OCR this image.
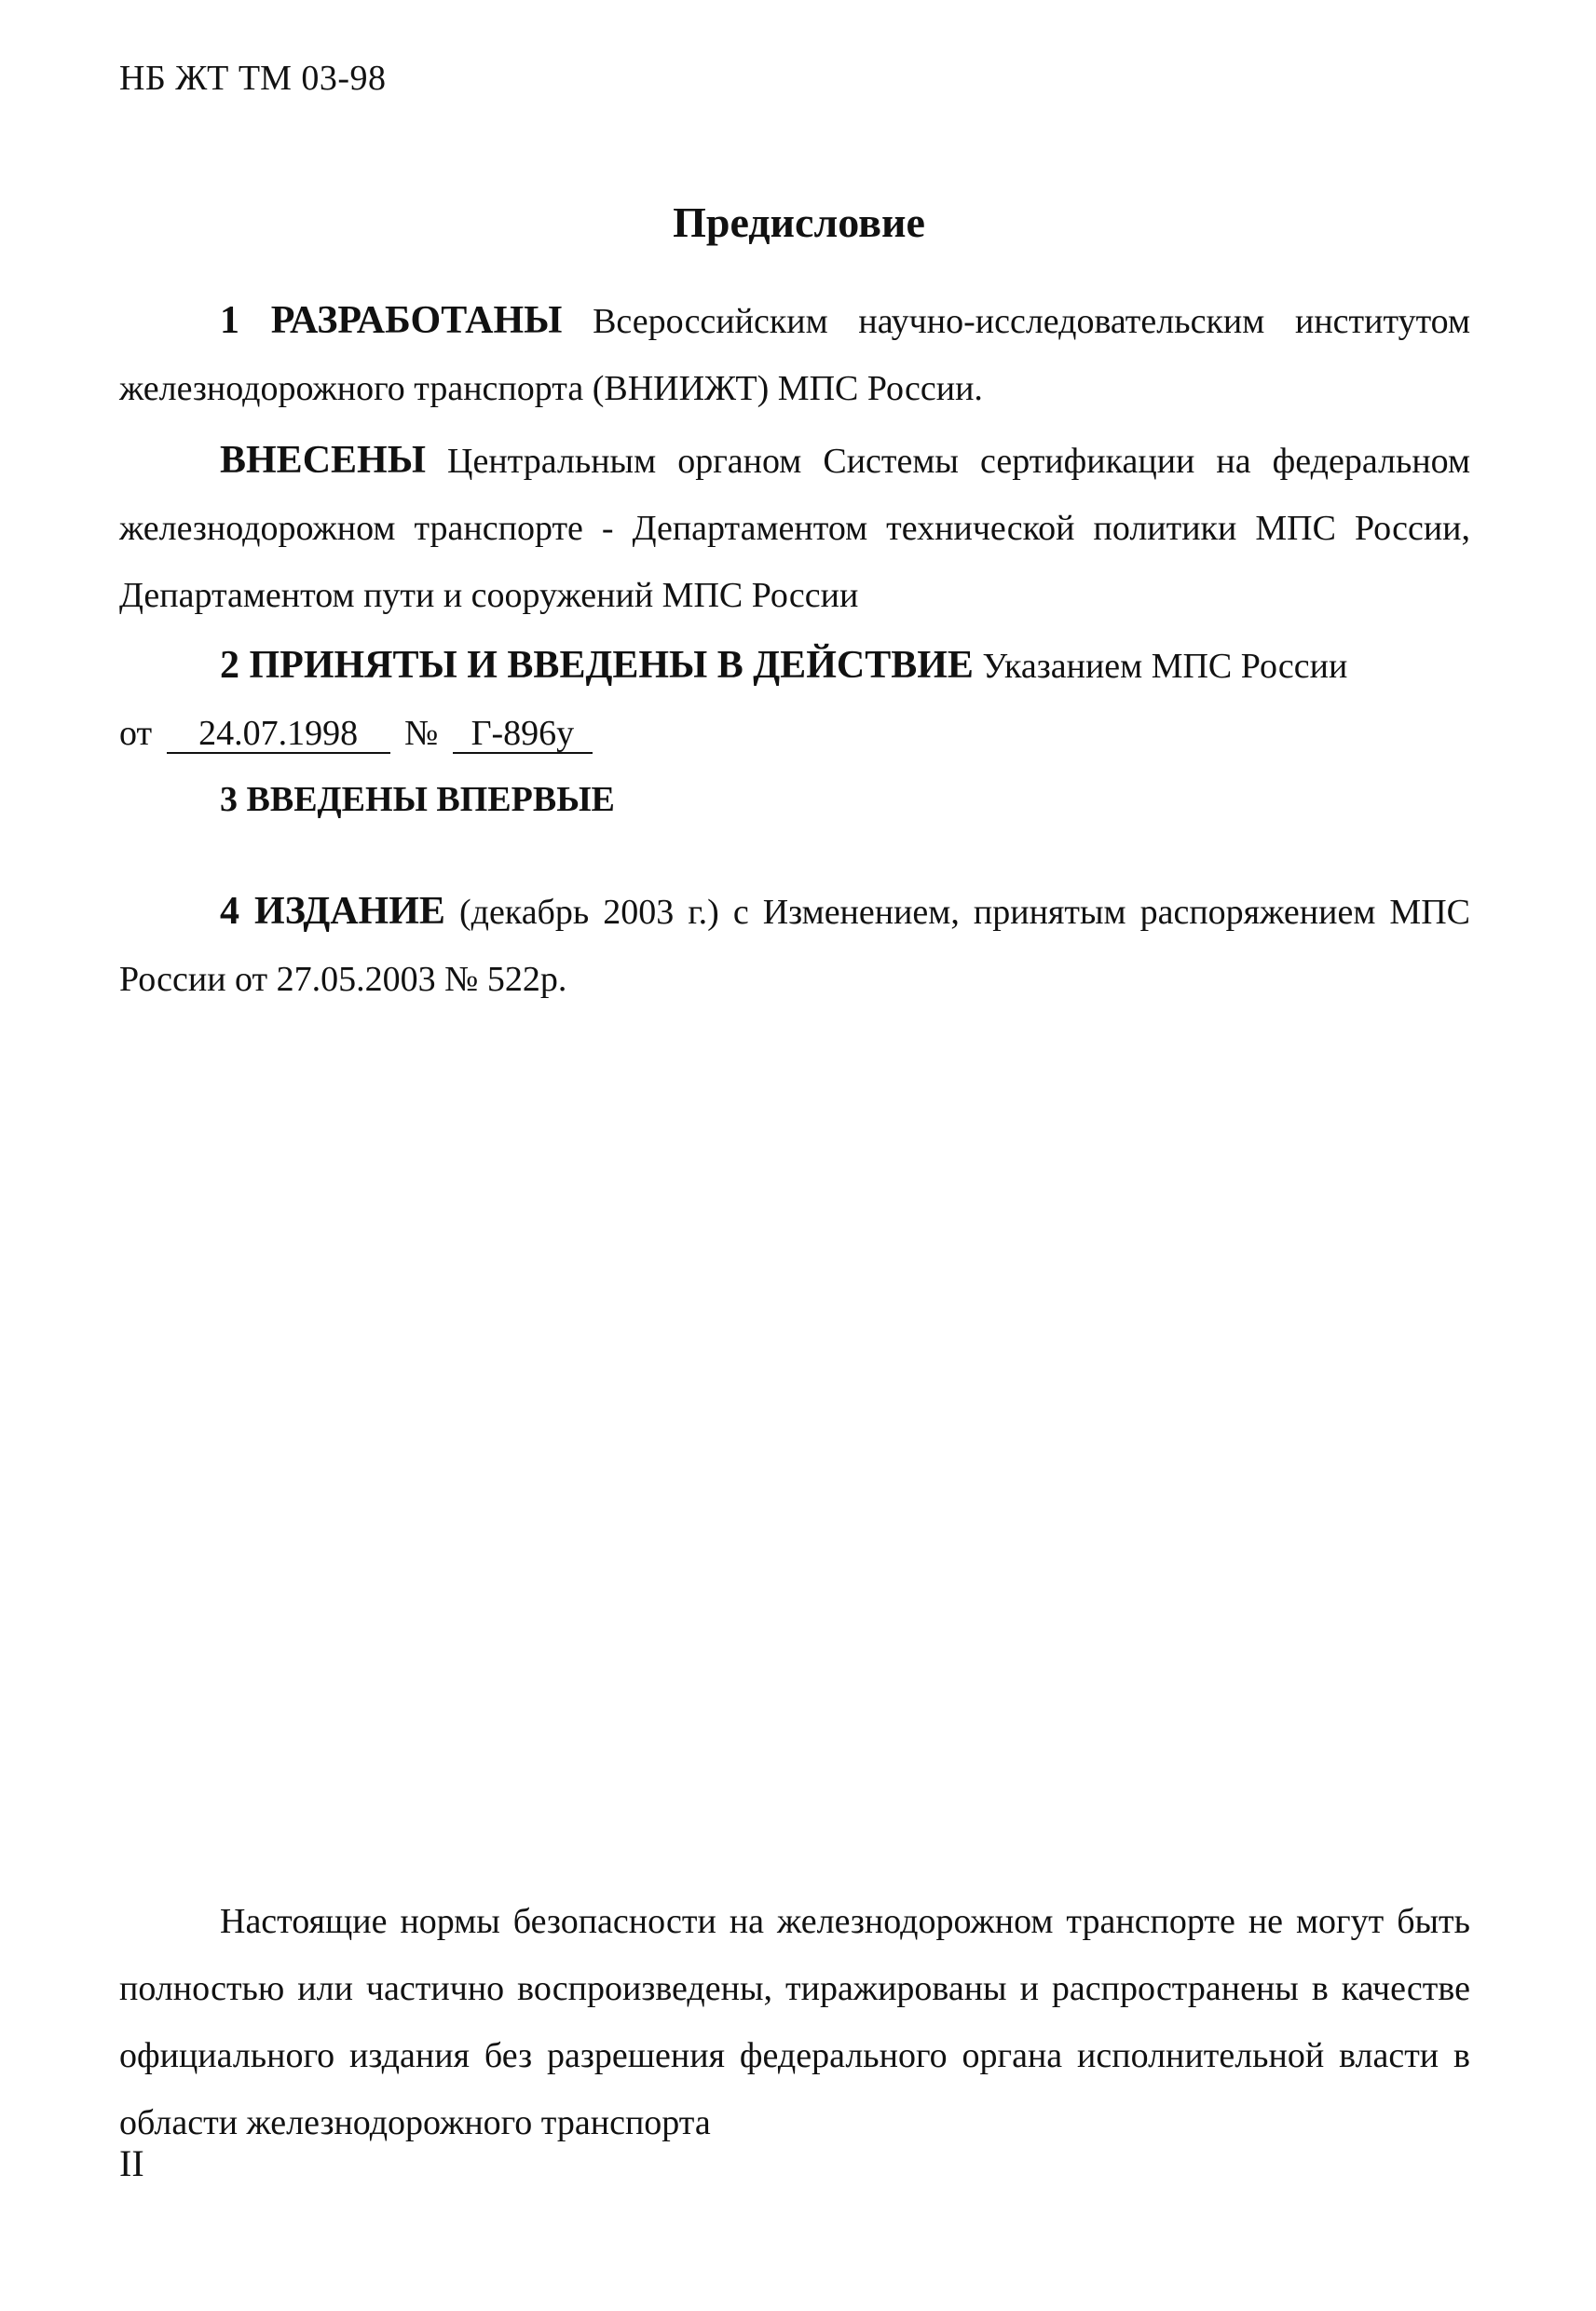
НБ ЖТ ТМ 03-98
Предисловие

1 РАЗРАБОТАНЫ Всероссийским научно-исследовательским институтом железнодорожного транспорта (ВНИИЖТ) МПС России.

ВНЕСЕНЫ Центральным органом Системы сертификации на федеральном железнодорожном транспорте - Департаментом технической политики МПС России, Департаментом пути и сооружений МПС России

2 ПРИНЯТЫ И ВВЕДЕНЫ В ДЕЙСТВИЕ Указанием МПС России

от 24.07.1998 № Г-896у

3 ВВЕДЕНЫ ВПЕРВЫЕ

4 ИЗДАНИЕ (декабрь 2003 г.) с Изменением, принятым распоряжением МПС России от 27.05.2003 № 522р.

Настоящие нормы безопасности на железнодорожном транспорте не могут быть полностью или частично воспроизведены, тиражированы и распространены в качестве официального издания без разрешения федерального органа исполнительной власти в области железнодорожного транспорта

II
